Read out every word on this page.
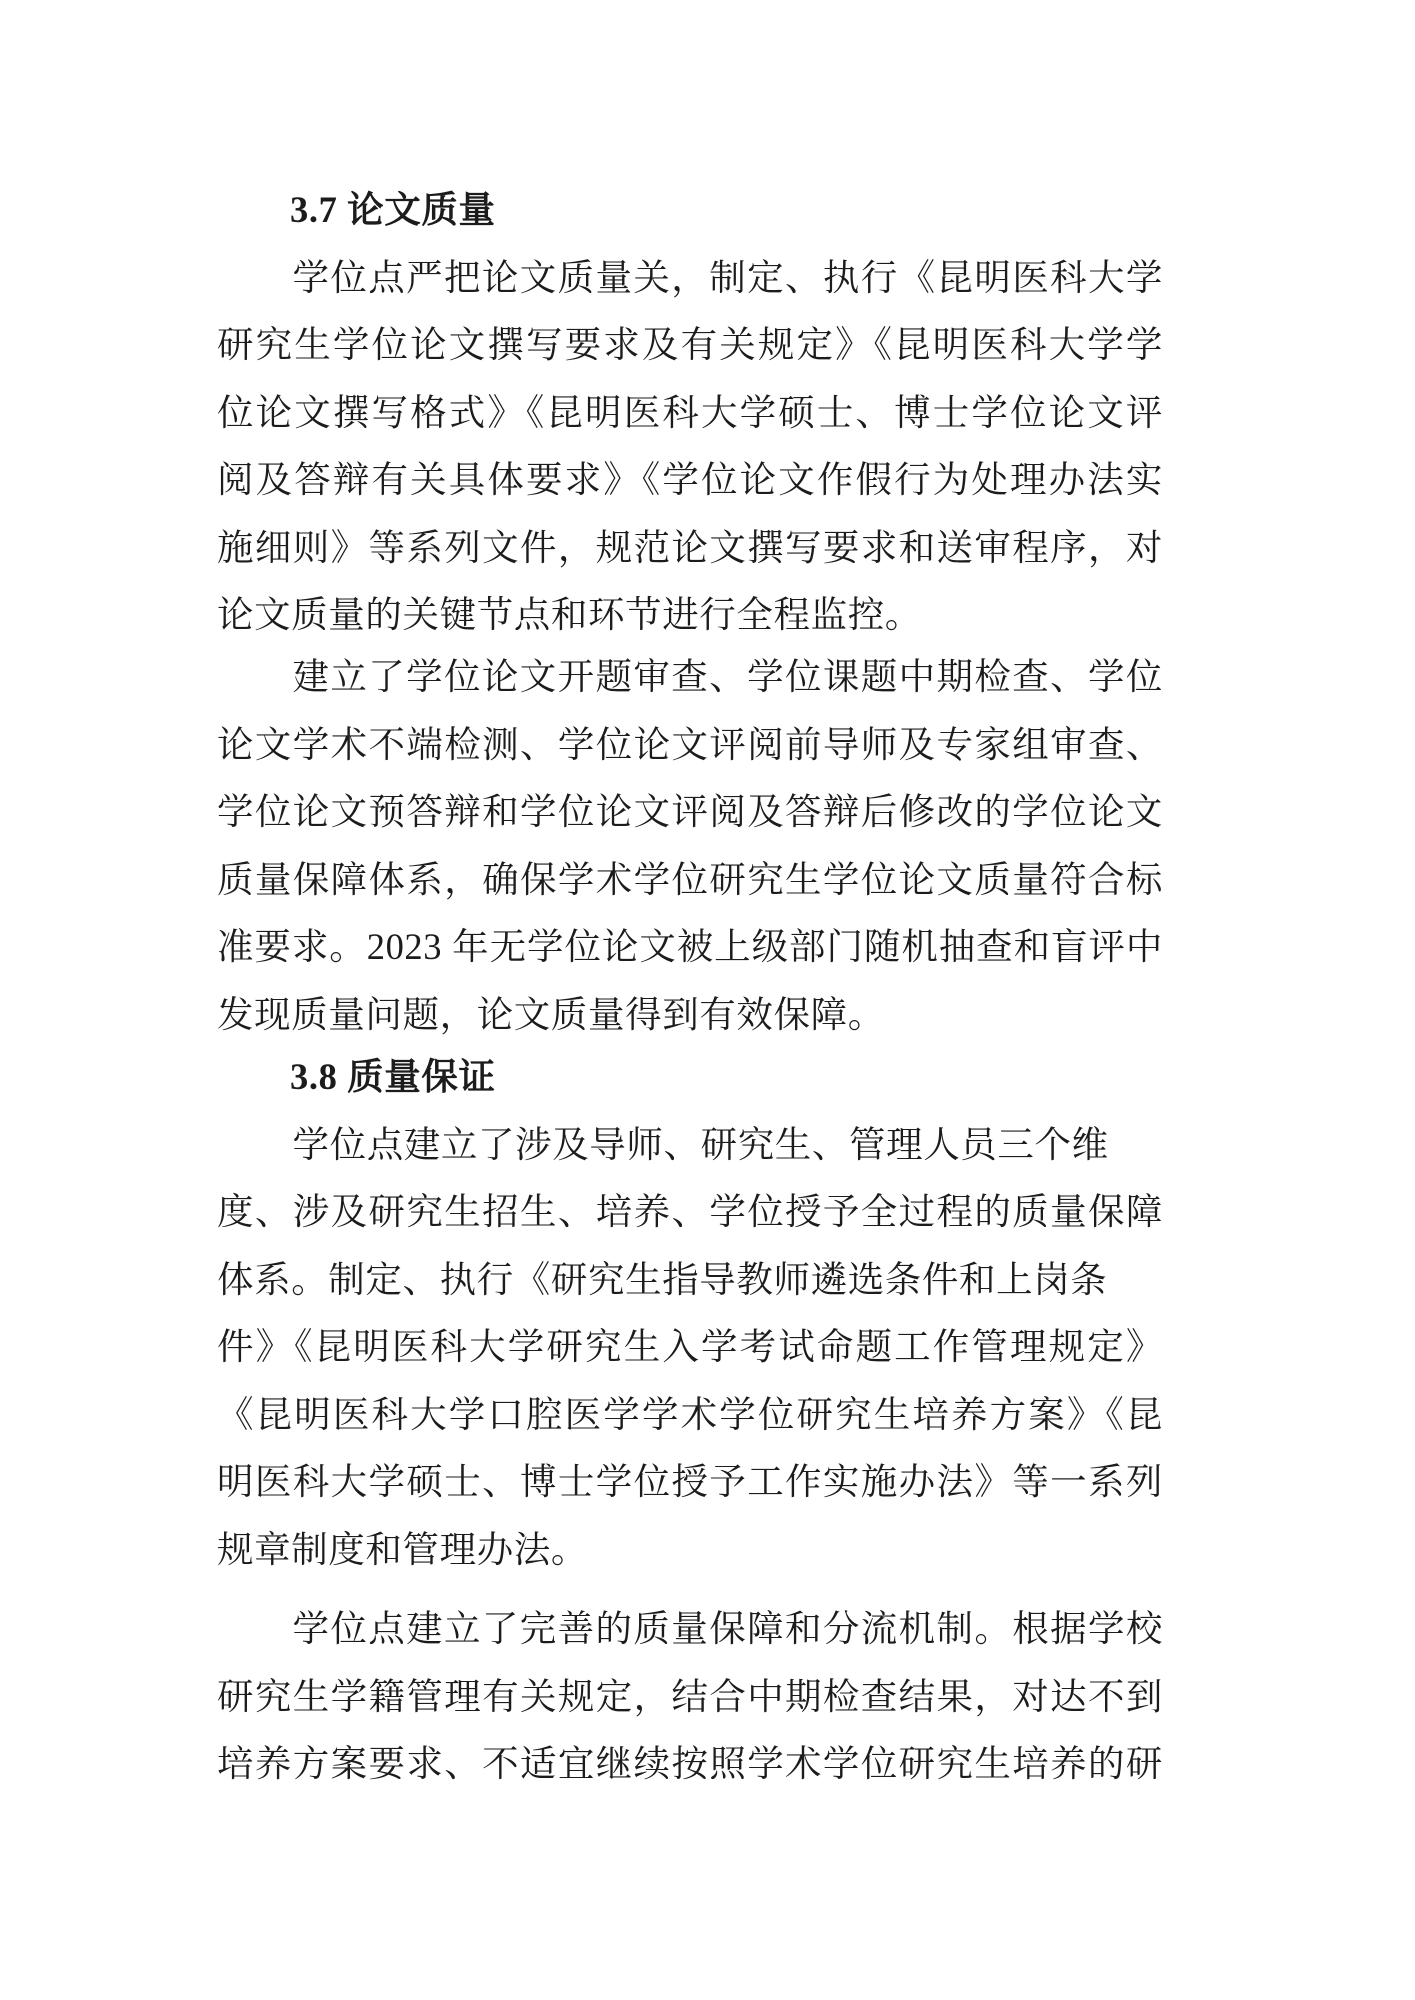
3.7 论文质量
学位点严把论文质量关，制定、执行《昆明医科大学
研究生学位论文撰写要求及有关规定》《昆明医科大学学
位论文撰写格式》《昆明医科大学硕士、博士学位论文评
阅及答辩有关具体要求》《学位论文作假行为处理办法实
施细则》等系列文件，规范论文撰写要求和送审程序，对
论文质量的关键节点和环节进行全程监控。
建立了学位论文开题审查、学位课题中期检查、学位
论文学术不端检测、学位论文评阅前导师及专家组审查、
学位论文预答辩和学位论文评阅及答辩后修改的学位论文
质量保障体系，确保学术学位研究生学位论文质量符合标
准要求。2023 年无学位论文被上级部门随机抽查和盲评中
发现质量问题，论文质量得到有效保障。
3.8 质量保证
学位点建立了涉及导师、研究生、管理人员三个维
度、涉及研究生招生、培养、学位授予全过程的质量保障
体系。制定、执行《研究生指导教师遴选条件和上岗条
件》《昆明医科大学研究生入学考试命题工作管理规定》
《昆明医科大学口腔医学学术学位研究生培养方案》《昆
明医科大学硕士、博士学位授予工作实施办法》等一系列
规章制度和管理办法。
学位点建立了完善的质量保障和分流机制。根据学校
研究生学籍管理有关规定，结合中期检查结果，对达不到
培养方案要求、不适宜继续按照学术学位研究生培养的研
